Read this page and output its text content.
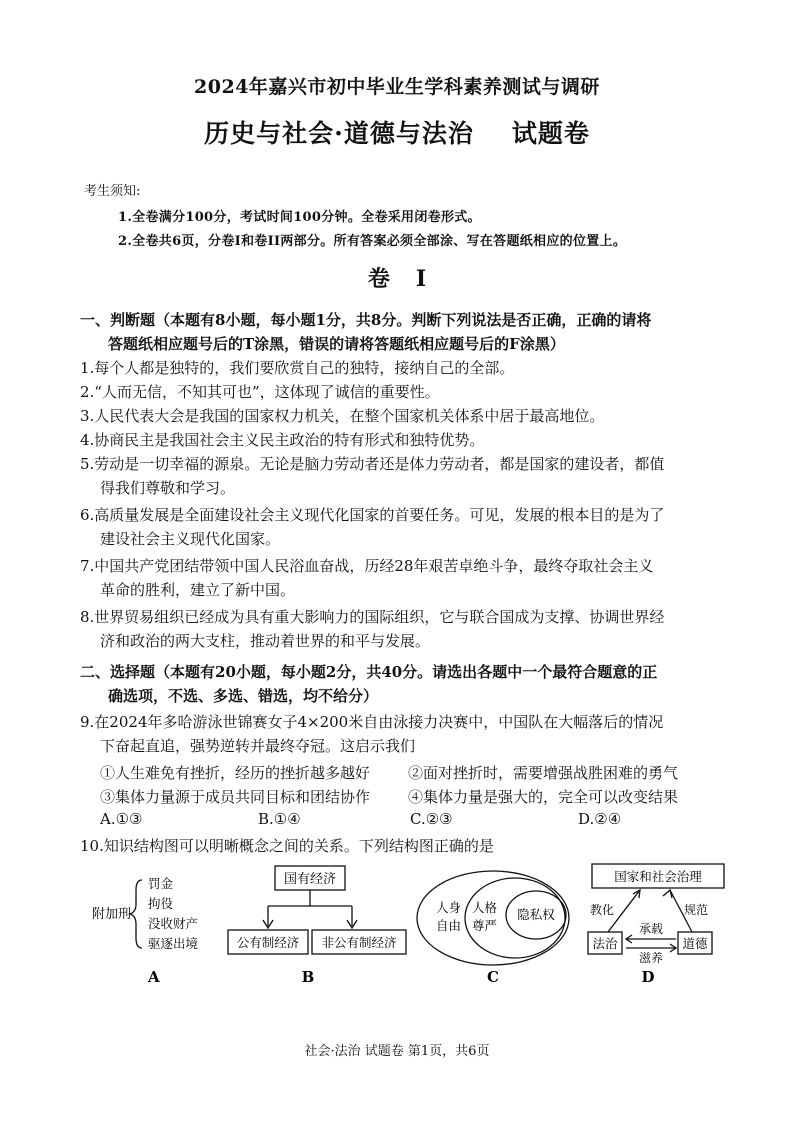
2024年嘉兴市初中毕业生学科素养测试与调研
历史与社会·道德与法治 试题卷
考生须知:
1.全卷满分100分，考试时间100分钟。全卷采用闭卷形式。
2.全卷共6页，分卷I和卷II两部分。所有答案必须全部涂、写在答题纸相应的位置上。
卷 I
一、判断题（本题有8小题，每小题1分，共8分。判断下列说法是否正确，正确的请将
答题纸相应题号后的T涂黑，错误的请将答题纸相应题号后的F涂黑）
1.每个人都是独特的，我们要欣赏自己的独特，接纳自己的全部。
2.“人而无信，不知其可也”，这体现了诚信的重要性。
3.人民代表大会是我国的国家权力机关，在整个国家机关体系中居于最高地位。
4.协商民主是我国社会主义民主政治的特有形式和独特优势。
5.劳动是一切幸福的源泉。无论是脑力劳动者还是体力劳动者，都是国家的建设者，都值
得我们尊敬和学习。
6.高质量发展是全面建设社会主义现代化国家的首要任务。可见，发展的根本目的是为了
建设社会主义现代化国家。
7.中国共产党团结带领中国人民浴血奋战，历经28年艰苦卓绝斗争，最终夺取社会主义
革命的胜利，建立了新中国。
8.世界贸易组织已经成为具有重大影响力的国际组织，它与联合国成为支撑、协调世界经
济和政治的两大支柱，推动着世界的和平与发展。
二、选择题（本题有20小题，每小题2分，共40分。请选出各题中一个最符合题意的正
确选项，不选、多选、错选，均不给分）
9.在2024年多哈游泳世锦赛女子4×200米自由泳接力决赛中，中国队在大幅落后的情况
下奋起直追，强势逆转并最终夺冠。这启示我们
①人生难免有挫折，经历的挫折越多越好	②面对挫折时，需要增强战胜困难的勇气
③集体力量源于成员共同目标和团结协作	④集体力量是强大的，完全可以改变结果
A.①③	B.①④	C.②③	D.②④
10.知识结构图可以明晰概念之间的关系。下列结构图正确的是
附加刑
罚金
拘役
没收财产
驱逐出境
A
国有经济
公有制经济 非公有制经济
B
人身
自由
人格
尊严
隐私权
C
国家和社会治理
法治	道德
教化	规范
承载
滋养
D
社会·法治 试题卷 第1页，共6页
